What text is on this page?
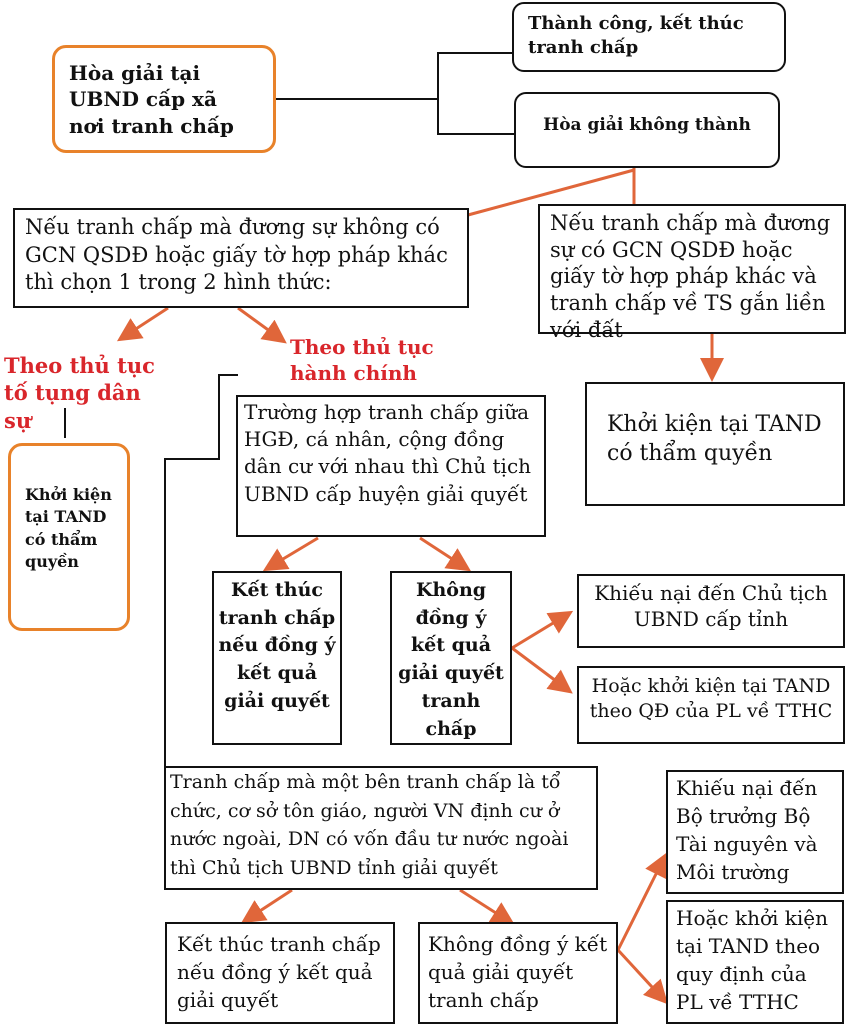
Hòa giải tại UBND cấp xã nơi tranh chấp
Thành công, kết thúc tranh chấp
Hòa giải không thành
Nếu tranh chấp mà đương sự không có GCN QSDĐ hoặc giấy tờ hợp pháp khác thì chọn 1 trong 2 hình thức:
Nếu tranh chấp mà đương sự có GCN QSDĐ hoặc giấy tờ hợp pháp khác và tranh chấp về TS gắn liền với đất
Theo thủ tục tố tụng dân sự
Theo thủ tục hành chính
Khởi kiện tại TAND có thẩm quyền
Khởi kiện tại TAND có thẩm quyền
Trường hợp tranh chấp giữa HGĐ, cá nhân, cộng đồng dân cư với nhau thì Chủ tịch UBND cấp huyện giải quyết
Kết thúc tranh chấp nếu đồng ý kết quả giải quyết
Không đồng ý kết quả giải quyết tranh chấp
Khiếu nại đến Chủ tịch UBND cấp tỉnh
Hoặc khởi kiện tại TAND theo QĐ của PL về TTHC
Tranh chấp mà một bên tranh chấp là tổ chức, cơ sở tôn giáo, người VN định cư ở nước ngoài, DN có vốn đầu tư nước ngoài thì Chủ tịch UBND tỉnh giải quyết
Kết thúc tranh chấp nếu đồng ý kết quả giải quyết
Không đồng ý kết quả giải quyết tranh chấp
Khiếu nại đến Bộ trưởng Bộ Tài nguyên và Môi trường
Hoặc khởi kiện tại TAND theo quy định của PL về TTHC
